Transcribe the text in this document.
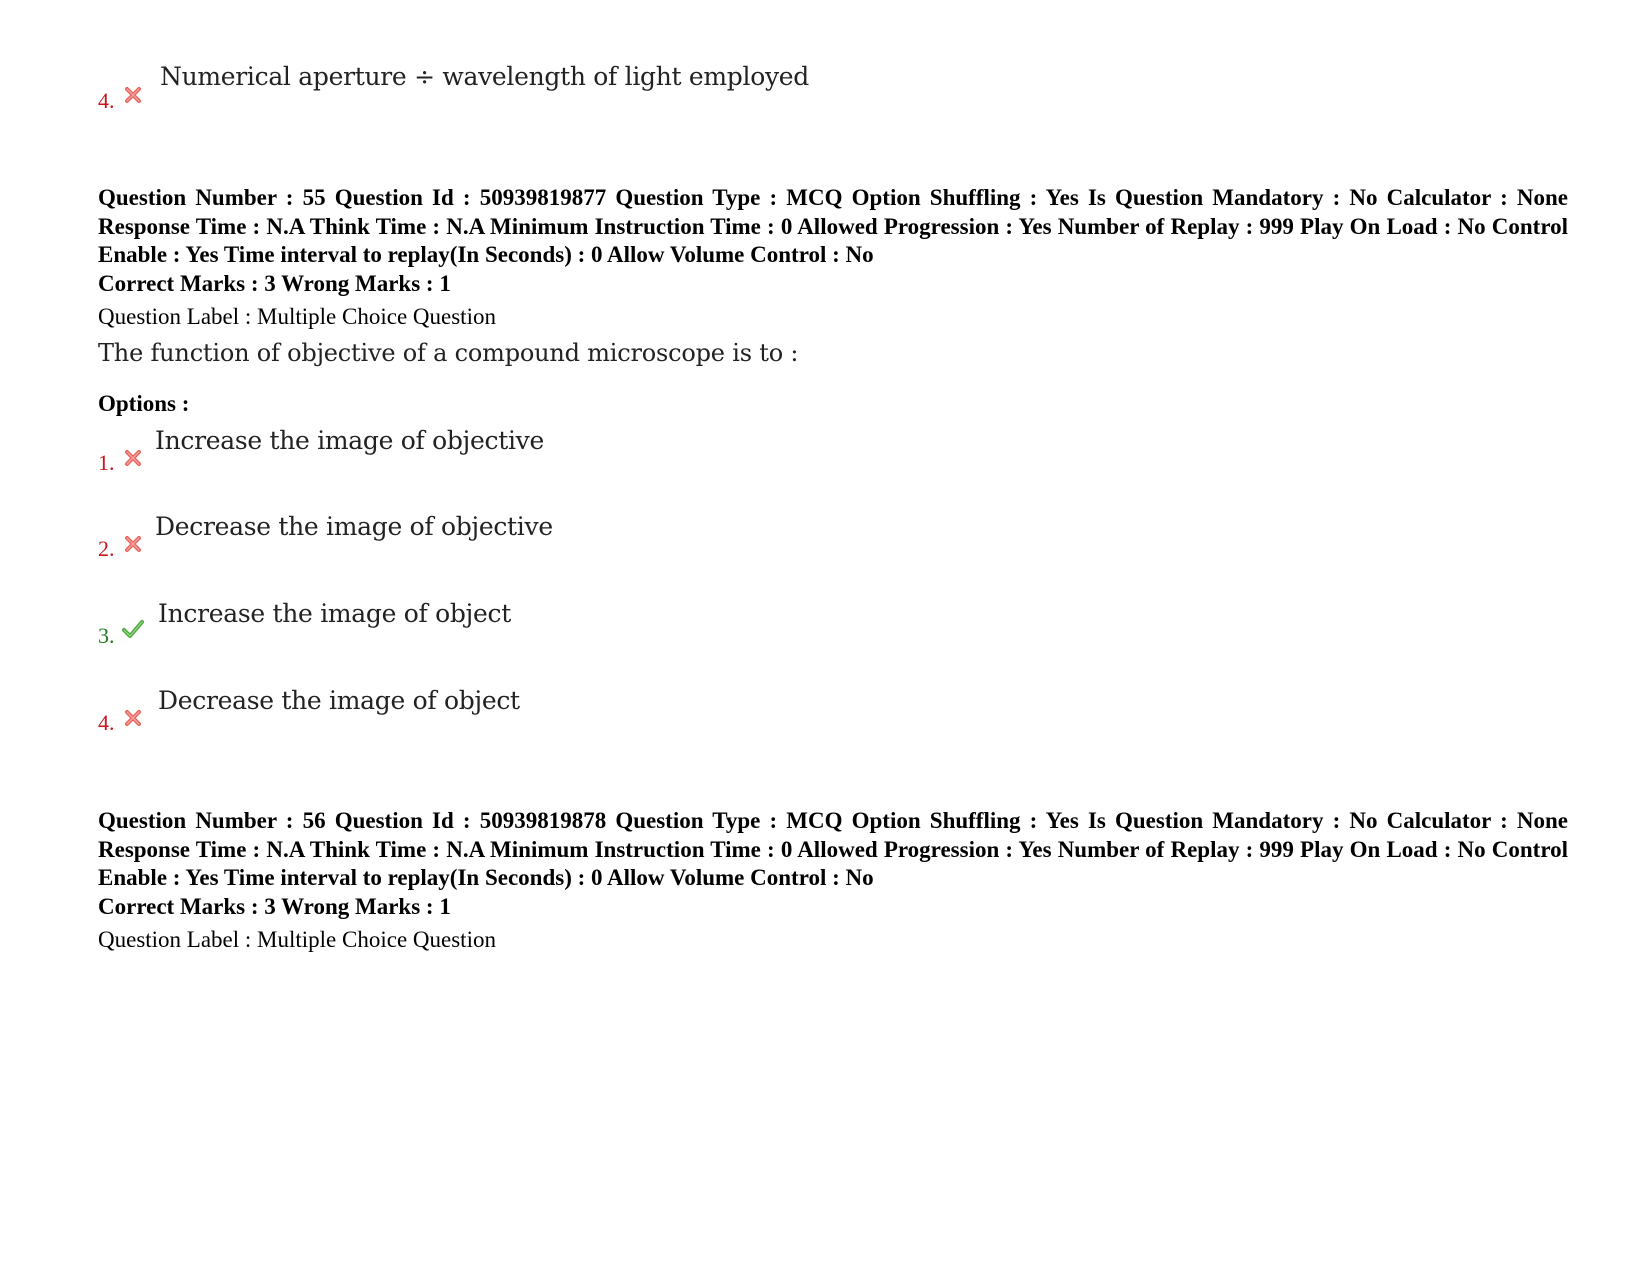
4.
Numerical aperture ÷ wavelength of light employed
Question Number : 55 Question Id : 50939819877 Question Type : MCQ Option Shuffling : Yes Is Question Mandatory : No Calculator : None Response Time : N.A Think Time : N.A Minimum Instruction Time : 0 Allowed Progression : Yes Number of Replay : 999 Play On Load : No Control Enable : Yes Time interval to replay(In Seconds) : 0 Allow Volume Control : No
Correct Marks : 3 Wrong Marks : 1
Question Label : Multiple Choice Question
The function of objective of a compound microscope is to :
Options :
1.
Increase the image of objective
2.
Decrease the image of objective
3.
Increase the image of object
4.
Decrease the image of object
Question Number : 56 Question Id : 50939819878 Question Type : MCQ Option Shuffling : Yes Is Question Mandatory : No Calculator : None Response Time : N.A Think Time : N.A Minimum Instruction Time : 0 Allowed Progression : Yes Number of Replay : 999 Play On Load : No Control Enable : Yes Time interval to replay(In Seconds) : 0 Allow Volume Control : No
Correct Marks : 3 Wrong Marks : 1
Question Label : Multiple Choice Question
